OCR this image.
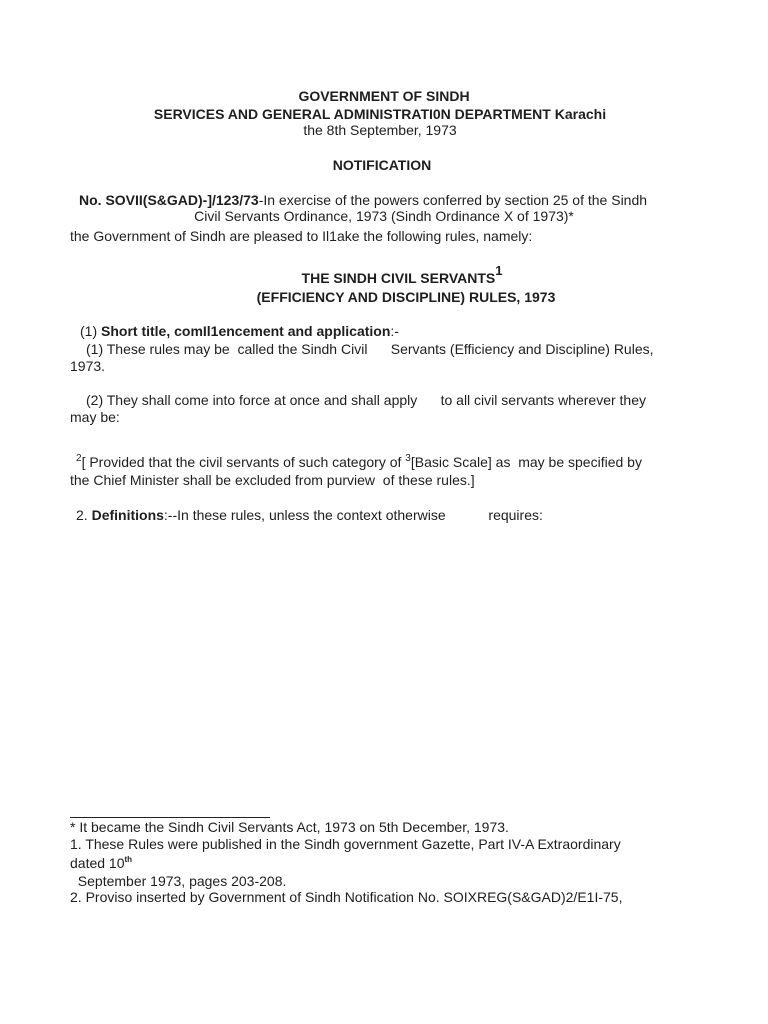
GOVERNMENT OF SINDH
SERVICES AND GENERAL ADMINISTRATI0N DEPARTMENT Karachi
the 8th September, 1973
NOTIFICATION
No. SOVII(S&GAD)-]/123/73-In exercise of the powers conferred by section 25 of the Sindh
Civil Servants Ordinance, 1973 (Sindh Ordinance X of 1973)*
the Government of Sindh are pleased to Il1ake the following rules, namely:
THE SINDH CIVIL SERVANTS$^1$
(EFFICIENCY AND DISCIPLINE) RULES, 1973
(1) Short title, comIl1encement and application:-
(1) These rules may be  called the Sindh Civil      Servants (Efficiency and Discipline) Rules,
1973.
(2) They shall come into force at once and shall apply      to all civil servants wherever they
may be:
$^2$[ Provided that the civil servants of such category of $^3$[Basic Scale] as  may be specified by
the Chief Minister shall be excluded from purview  of these rules.]
2. Definitions:--In these rules, unless the context otherwise           requires:
* It became the Sindh Civil Servants Act, 1973 on 5th December, 1973.
1. These Rules were published in the Sindh government Gazette, Part IV-A Extraordinary
dated 10th
September 1973, pages 203-208.
2. Proviso inserted by Government of Sindh Notification No. SOIXREG(S&GAD)2/E1I-75,
